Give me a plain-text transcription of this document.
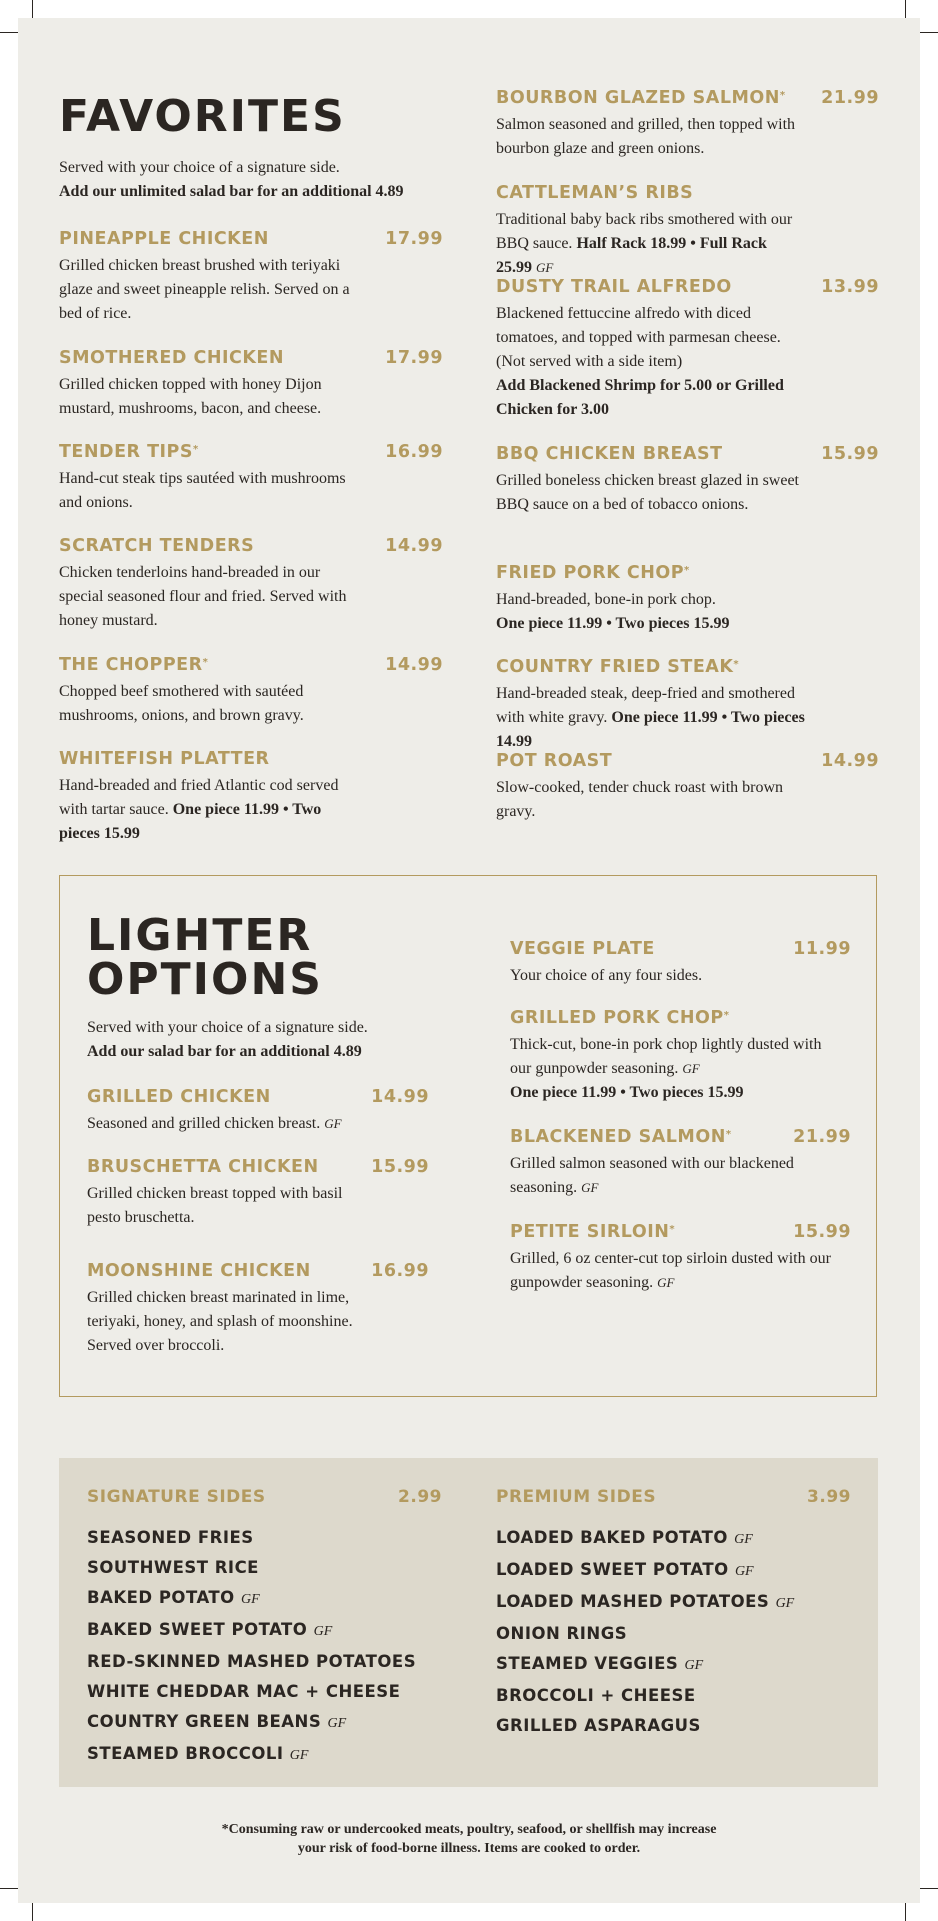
FAVORITES
Served with your choice of a signature side.
Add our unlimited salad bar for an additional 4.89
PINEAPPLE CHICKEN	17.99
Grilled chicken breast brushed with teriyaki glaze and sweet pineapple relish. Served on a bed of rice.
SMOTHERED CHICKEN	17.99
Grilled chicken topped with honey Dijon mustard, mushrooms, bacon, and cheese.
TENDER TIPS*	16.99
Hand-cut steak tips sautéed with mushrooms and onions.
SCRATCH TENDERS	14.99
Chicken tenderloins hand-breaded in our special seasoned flour and fried. Served with honey mustard.
THE CHOPPER*	14.99
Chopped beef smothered with sautéed mushrooms, onions, and brown gravy.
WHITEFISH PLATTER
Hand-breaded and fried Atlantic cod served with tartar sauce. One piece 11.99 • Two pieces 15.99
BOURBON GLAZED SALMON* 21.99
Salmon seasoned and grilled, then topped with bourbon glaze and green onions.
CATTLEMAN’S RIBS
Traditional baby back ribs smothered with our BBQ sauce. Half Rack 18.99 • Full Rack 25.99 GF
DUSTY TRAIL ALFREDO	13.99
Blackened fettuccine alfredo with diced tomatoes, and topped with parmesan cheese. (Not served with a side item)
Add Blackened Shrimp for 5.00 or Grilled Chicken for 3.00
BBQ CHICKEN BREAST	15.99
Grilled boneless chicken breast glazed in sweet BBQ sauce on a bed of tobacco onions.
FRIED PORK CHOP*
Hand-breaded, bone-in pork chop.
One piece 11.99 • Two pieces 15.99
COUNTRY FRIED STEAK*
Hand-breaded steak, deep-fried and smothered with white gravy. One piece 11.99 • Two pieces 14.99
POT ROAST	14.99
Slow-cooked, tender chuck roast with brown gravy.
LIGHTER
OPTIONS
Served with your choice of a signature side.
Add our salad bar for an additional 4.89
GRILLED CHICKEN	14.99
Seasoned and grilled chicken breast. GF
BRUSCHETTA CHICKEN	15.99
Grilled chicken breast topped with basil pesto bruschetta.
MOONSHINE CHICKEN	16.99
Grilled chicken breast marinated in lime, teriyaki, honey, and splash of moonshine. Served over broccoli.
VEGGIE PLATE	11.99
Your choice of any four sides.
GRILLED PORK CHOP*
Thick-cut, bone-in pork chop lightly dusted with our gunpowder seasoning. GF
One piece 11.99 • Two pieces 15.99
BLACKENED SALMON*	21.99
Grilled salmon seasoned with our blackened seasoning. GF
PETITE SIRLOIN*	15.99
Grilled, 6 oz center-cut top sirloin dusted with our gunpowder seasoning. GF
SIGNATURE SIDES	2.99
SEASONED FRIES
SOUTHWEST RICE
BAKED POTATO GF
BAKED SWEET POTATO GF
RED-SKINNED MASHED POTATOES
WHITE CHEDDAR MAC + CHEESE
COUNTRY GREEN BEANS GF
STEAMED BROCCOLI GF
PREMIUM SIDES	3.99
LOADED BAKED POTATO GF
LOADED SWEET POTATO GF
LOADED MASHED POTATOES GF
ONION RINGS
STEAMED VEGGIES GF
BROCCOLI + CHEESE
GRILLED ASPARAGUS
*Consuming raw or undercooked meats, poultry, seafood, or shellfish may increase
your risk of food-borne illness. Items are cooked to order.
